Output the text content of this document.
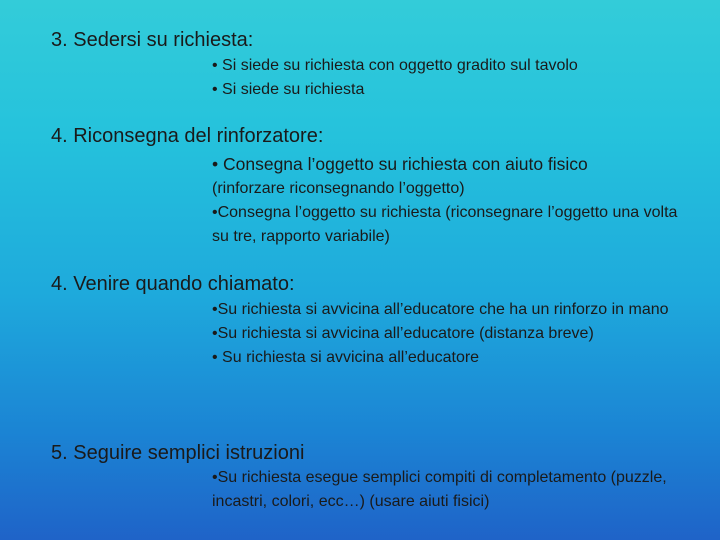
3. Sedersi su richiesta:
• Si siede su richiesta con oggetto gradito sul tavolo
• Si siede su richiesta
4. Riconsegna del rinforzatore:
• Consegna l’oggetto su richiesta con aiuto fisico
(rinforzare riconsegnando l’oggetto)
•Consegna l’oggetto su richiesta (riconsegnare l’oggetto una volta su tre, rapporto variabile)
4. Venire quando chiamato:
•Su richiesta si avvicina all’educatore che ha un rinforzo in mano
•Su richiesta si avvicina all’educatore (distanza breve)
• Su richiesta si avvicina all’educatore
5. Seguire semplici istruzioni
•Su richiesta esegue semplici compiti di completamento (puzzle, incastri, colori, ecc…) (usare aiuti fisici)
